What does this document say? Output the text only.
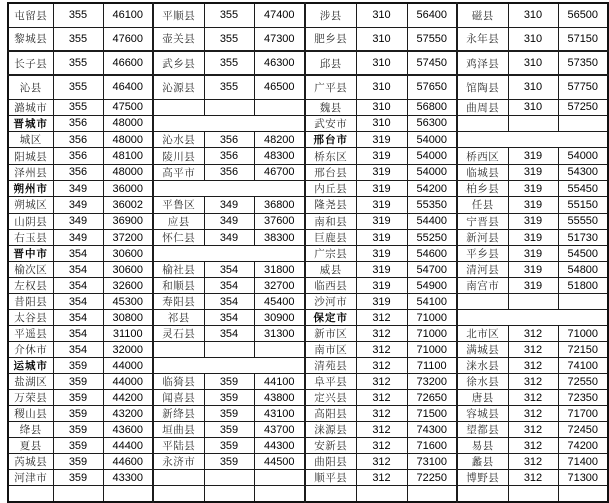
屯留县	355	46100	平顺县	355	47400	涉县	310	56400	磁县	310	56500
黎城县	355	47600	壶关县	355	47300	肥乡县	310	57550	永年县	310	57150
长子县	355	46600	武乡县	355	46300	邱县	310	57450	鸡泽县	310	57350
沁县	355	46400	沁源县	355	46500	广平县	310	57650	馆陶县	310	57750
潞城市	355	47500				魏县	310	56800	曲周县	310	57250
晋城市	356	48000				武安市	310	56300			
城区	356	48000	沁水县	356	48200	邢台市	319	54000			
阳城县	356	48100	陵川县	356	48300	桥东区	319	54000	桥西区	319	54000
泽州县	356	48000	高平市	356	46700	邢台县	319	54000	临城县	319	54300
朔州市	349	36000				内丘县	319	54200	柏乡县	319	55450
朔城区	349	36002	平鲁区	349	36800	隆尧县	319	55350	任县	319	55150
山阴县	349	36900	应县	349	37600	南和县	319	54400	宁晋县	319	55550
右玉县	349	37200	怀仁县	349	38300	巨鹿县	319	55250	新河县	319	51730
晋中市	354	30600				广宗县	319	54600	平乡县	319	54500
榆次区	354	30600	榆社县	354	31800	威县	319	54700	清河县	319	54800
左权县	354	32600	和顺县	354	32700	临西县	319	54900	南宫市	319	51800
昔阳县	354	45300	寿阳县	354	45400	沙河市	319	54100			
太谷县	354	30800	祁县	354	30900	保定市	312	71000			
平遥县	354	31100	灵石县	354	31300	新市区	312	71000	北市区	312	71000
介休市	354	32000				南市区	312	71000	满城县	312	72150
运城市	359	44000				清苑县	312	71100	涞水县	312	74100
盐湖区	359	44000	临猗县	359	44100	阜平县	312	73200	徐水县	312	72550
万荣县	359	44200	闻喜县	359	43800	定兴县	312	72650	唐县	312	72350
稷山县	359	43200	新绛县	359	43100	高阳县	312	71500	容城县	312	71700
绛县	359	43600	垣曲县	359	43700	涞源县	312	74300	望都县	312	72450
夏县	359	44400	平陆县	359	44300	安新县	312	71600	易县	312	74200
芮城县	359	44600	永济市	359	44500	曲阳县	312	73100	蠡县	312	71400
河津市	359	43300				顺平县	312	72250	博野县	312	71300
